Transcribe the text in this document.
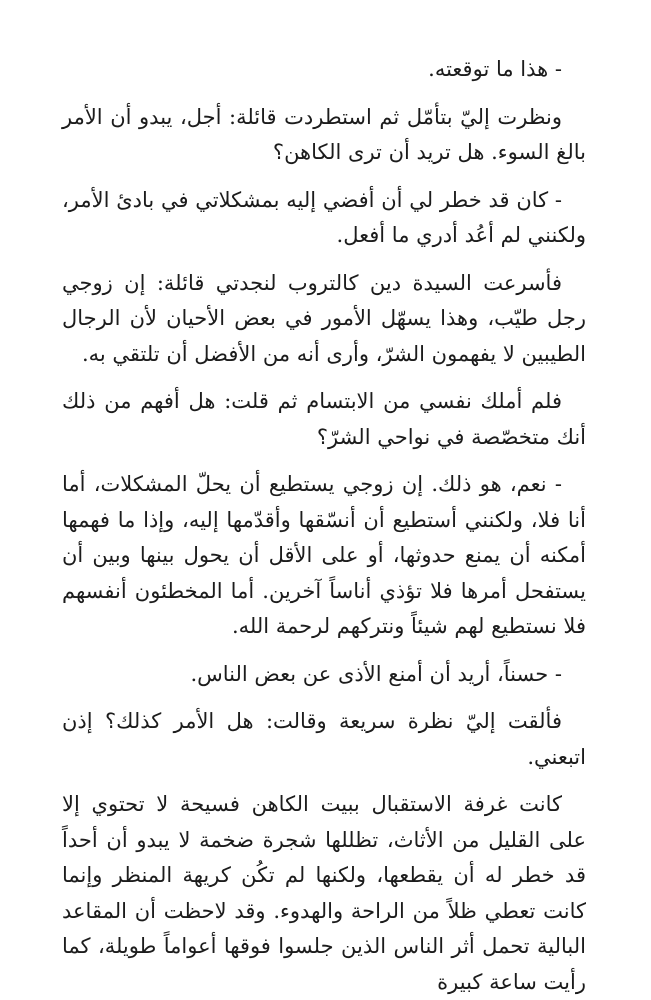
- هذا ما توقعته.

ونظرت إليّ بتأمّل ثم استطردت قائلة: أجل، يبدو أن الأمر بالغ السوء. هل تريد أن ترى الكاهن؟

- كان قد خطر لي أن أفضي إليه بمشكلاتي في بادئ الأمر، ولكنني لم أعُد أدري ما أفعل.

فأسرعت السيدة دين كالتروب لنجدتي قائلة: إن زوجي رجل طيّب، وهذا يسهّل الأمور في بعض الأحيان لأن الرجال الطيبين لا يفهمون الشرّ، وأرى أنه من الأفضل أن تلتقي به.

فلم أملك نفسي من الابتسام ثم قلت: هل أفهم من ذلك أنك متخصّصة في نواحي الشرّ؟

- نعم، هو ذلك. إن زوجي يستطيع أن يحلّ المشكلات، أما أنا فلا، ولكنني أستطيع أن أنسّقها وأقدّمها إليه، وإذا ما فهمها أمكنه أن يمنع حدوثها، أو على الأقل أن يحول بينها وبين أن يستفحل أمرها فلا تؤذي أناساً آخرين. أما المخطئون أنفسهم فلا نستطيع لهم شيئاً ونتركهم لرحمة الله.

- حسناً، أريد أن أمنع الأذى عن بعض الناس.

فألقت إليّ نظرة سريعة وقالت: هل الأمر كذلك؟ إذن اتبعني.

كانت غرفة الاستقبال ببيت الكاهن فسيحة لا تحتوي إلا على القليل من الأثاث، تظللها شجرة ضخمة لا يبدو أن أحداً قد خطر له أن يقطعها، ولكنها لم تكُن كريهة المنظر وإنما كانت تعطي ظلاً من الراحة والهدوء. وقد لاحظت أن المقاعد البالية تحمل أثر الناس الذين جلسوا فوقها أعواماً طويلة، كما رأيت ساعة كبيرة
